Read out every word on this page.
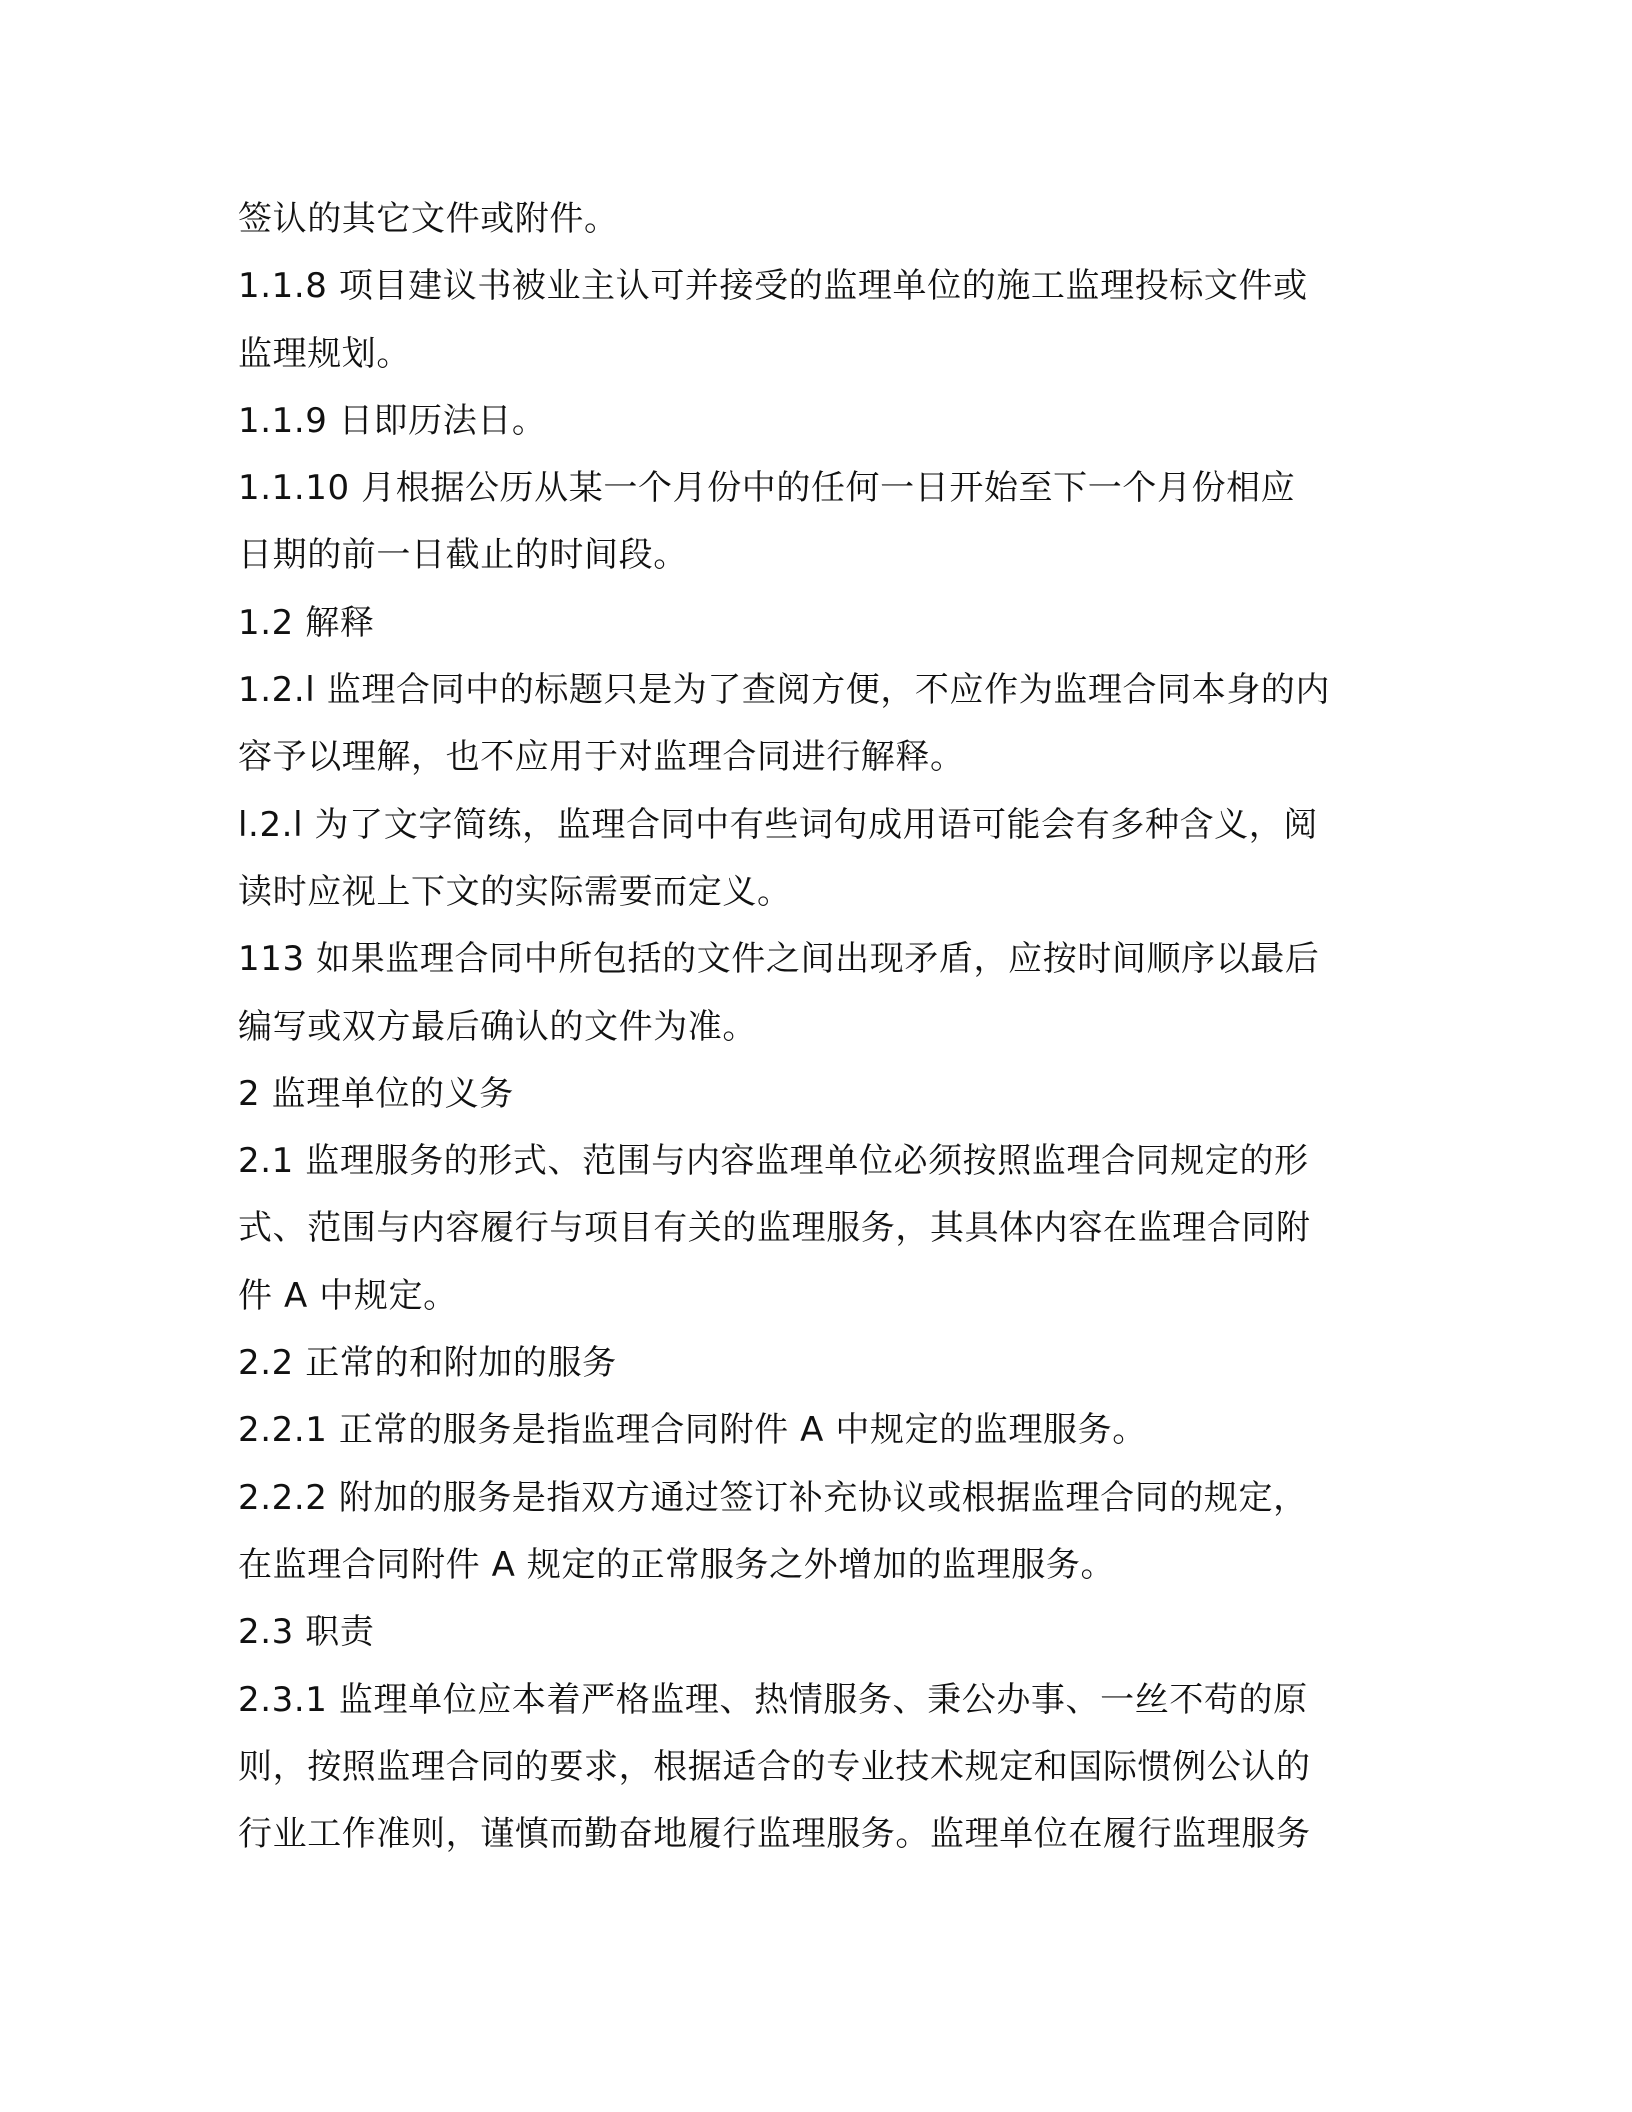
签认的其它文件或附件。
1.1.8 项目建议书被业主认可并接受的监理单位的施工监理投标文件或
监理规划。
1.1.9 日即历法日。
1.1.10 月根据公历从某一个月份中的任何一日开始至下一个月份相应
日期的前一日截止的时间段。
1.2 解释
1.2.l 监理合同中的标题只是为了查阅方便，不应作为监理合同本身的内
容予以理解，也不应用于对监理合同进行解释。
l.2.l 为了文字简练，监理合同中有些词句成用语可能会有多种含义，阅
读时应视上下文的实际需要而定义。
113 如果监理合同中所包括的文件之间出现矛盾，应按时间顺序以最后
编写或双方最后确认的文件为准。
2 监理单位的义务
2.1 监理服务的形式、范围与内容监理单位必须按照监理合同规定的形
式、范围与内容履行与项目有关的监理服务，其具体内容在监理合同附
件 A 中规定。
2.2 正常的和附加的服务
2.2.1 正常的服务是指监理合同附件 A 中规定的监理服务。
2.2.2 附加的服务是指双方通过签订补充协议或根据监理合同的规定，
在监理合同附件 A 规定的正常服务之外增加的监理服务。
2.3 职责
2.3.1 监理单位应本着严格监理、热情服务、秉公办事、一丝不苟的原
则，按照监理合同的要求，根据适合的专业技术规定和国际惯例公认的
行业工作准则，谨慎而勤奋地履行监理服务。监理单位在履行监理服务
